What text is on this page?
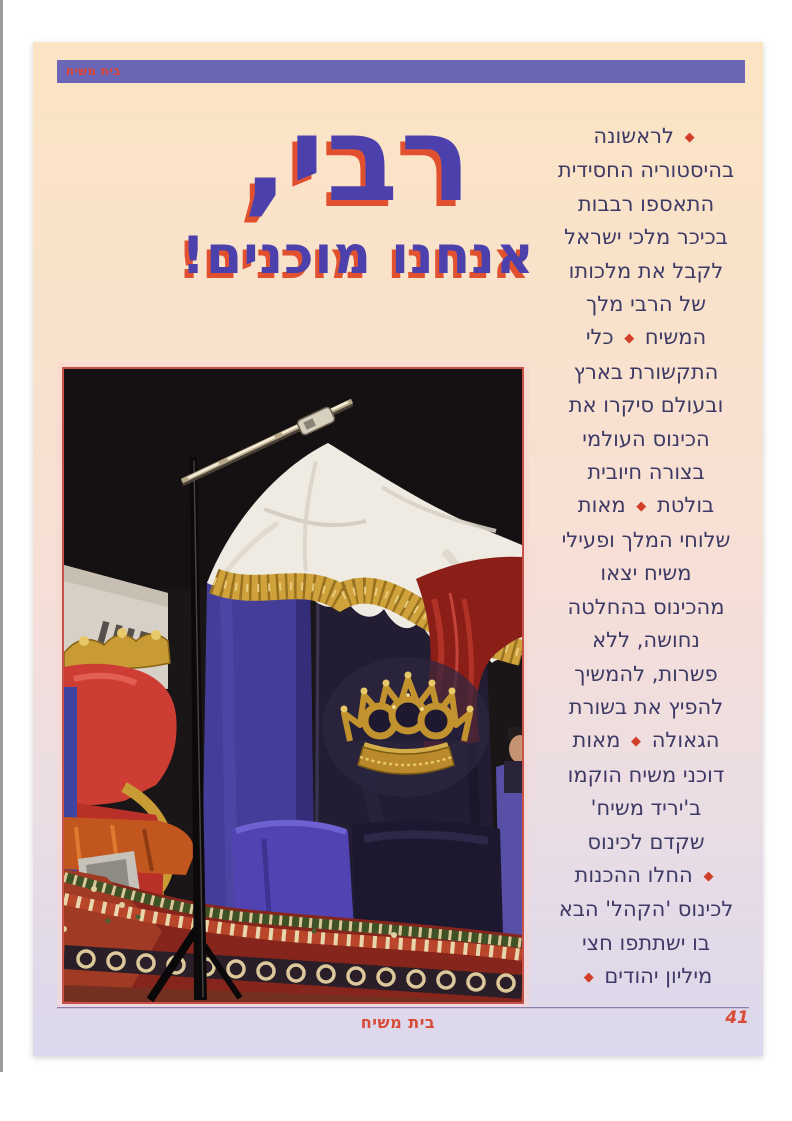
בית משיח
רבי,
אנחנו מוכנים!
◆ לראשונה
בהיסטוריה החסידית
התאספו רבבות
בכיכר מלכי ישראל
לקבל את מלכותו
של הרבי מלך
המשיח ◆ כלי
התקשורת בארץ
ובעולם סיקרו את
הכינוס העולמי
בצורה חיובית
בולטת ◆ מאות
שלוחי המלך ופעילי
משיח יצאו
מהכינוס בהחלטה
נחושה, ללא
פשרות, להמשיך
להפיץ את בשורת
הגאולה ◆ מאות
דוכני משיח הוקמו
ב'יריד משיח'
שקדם לכינוס
◆ החלו ההכנות
לכינוס 'הקהל' הבא
בו ישתתפו חצי
מיליון יהודים ◆
בית משיח	41
